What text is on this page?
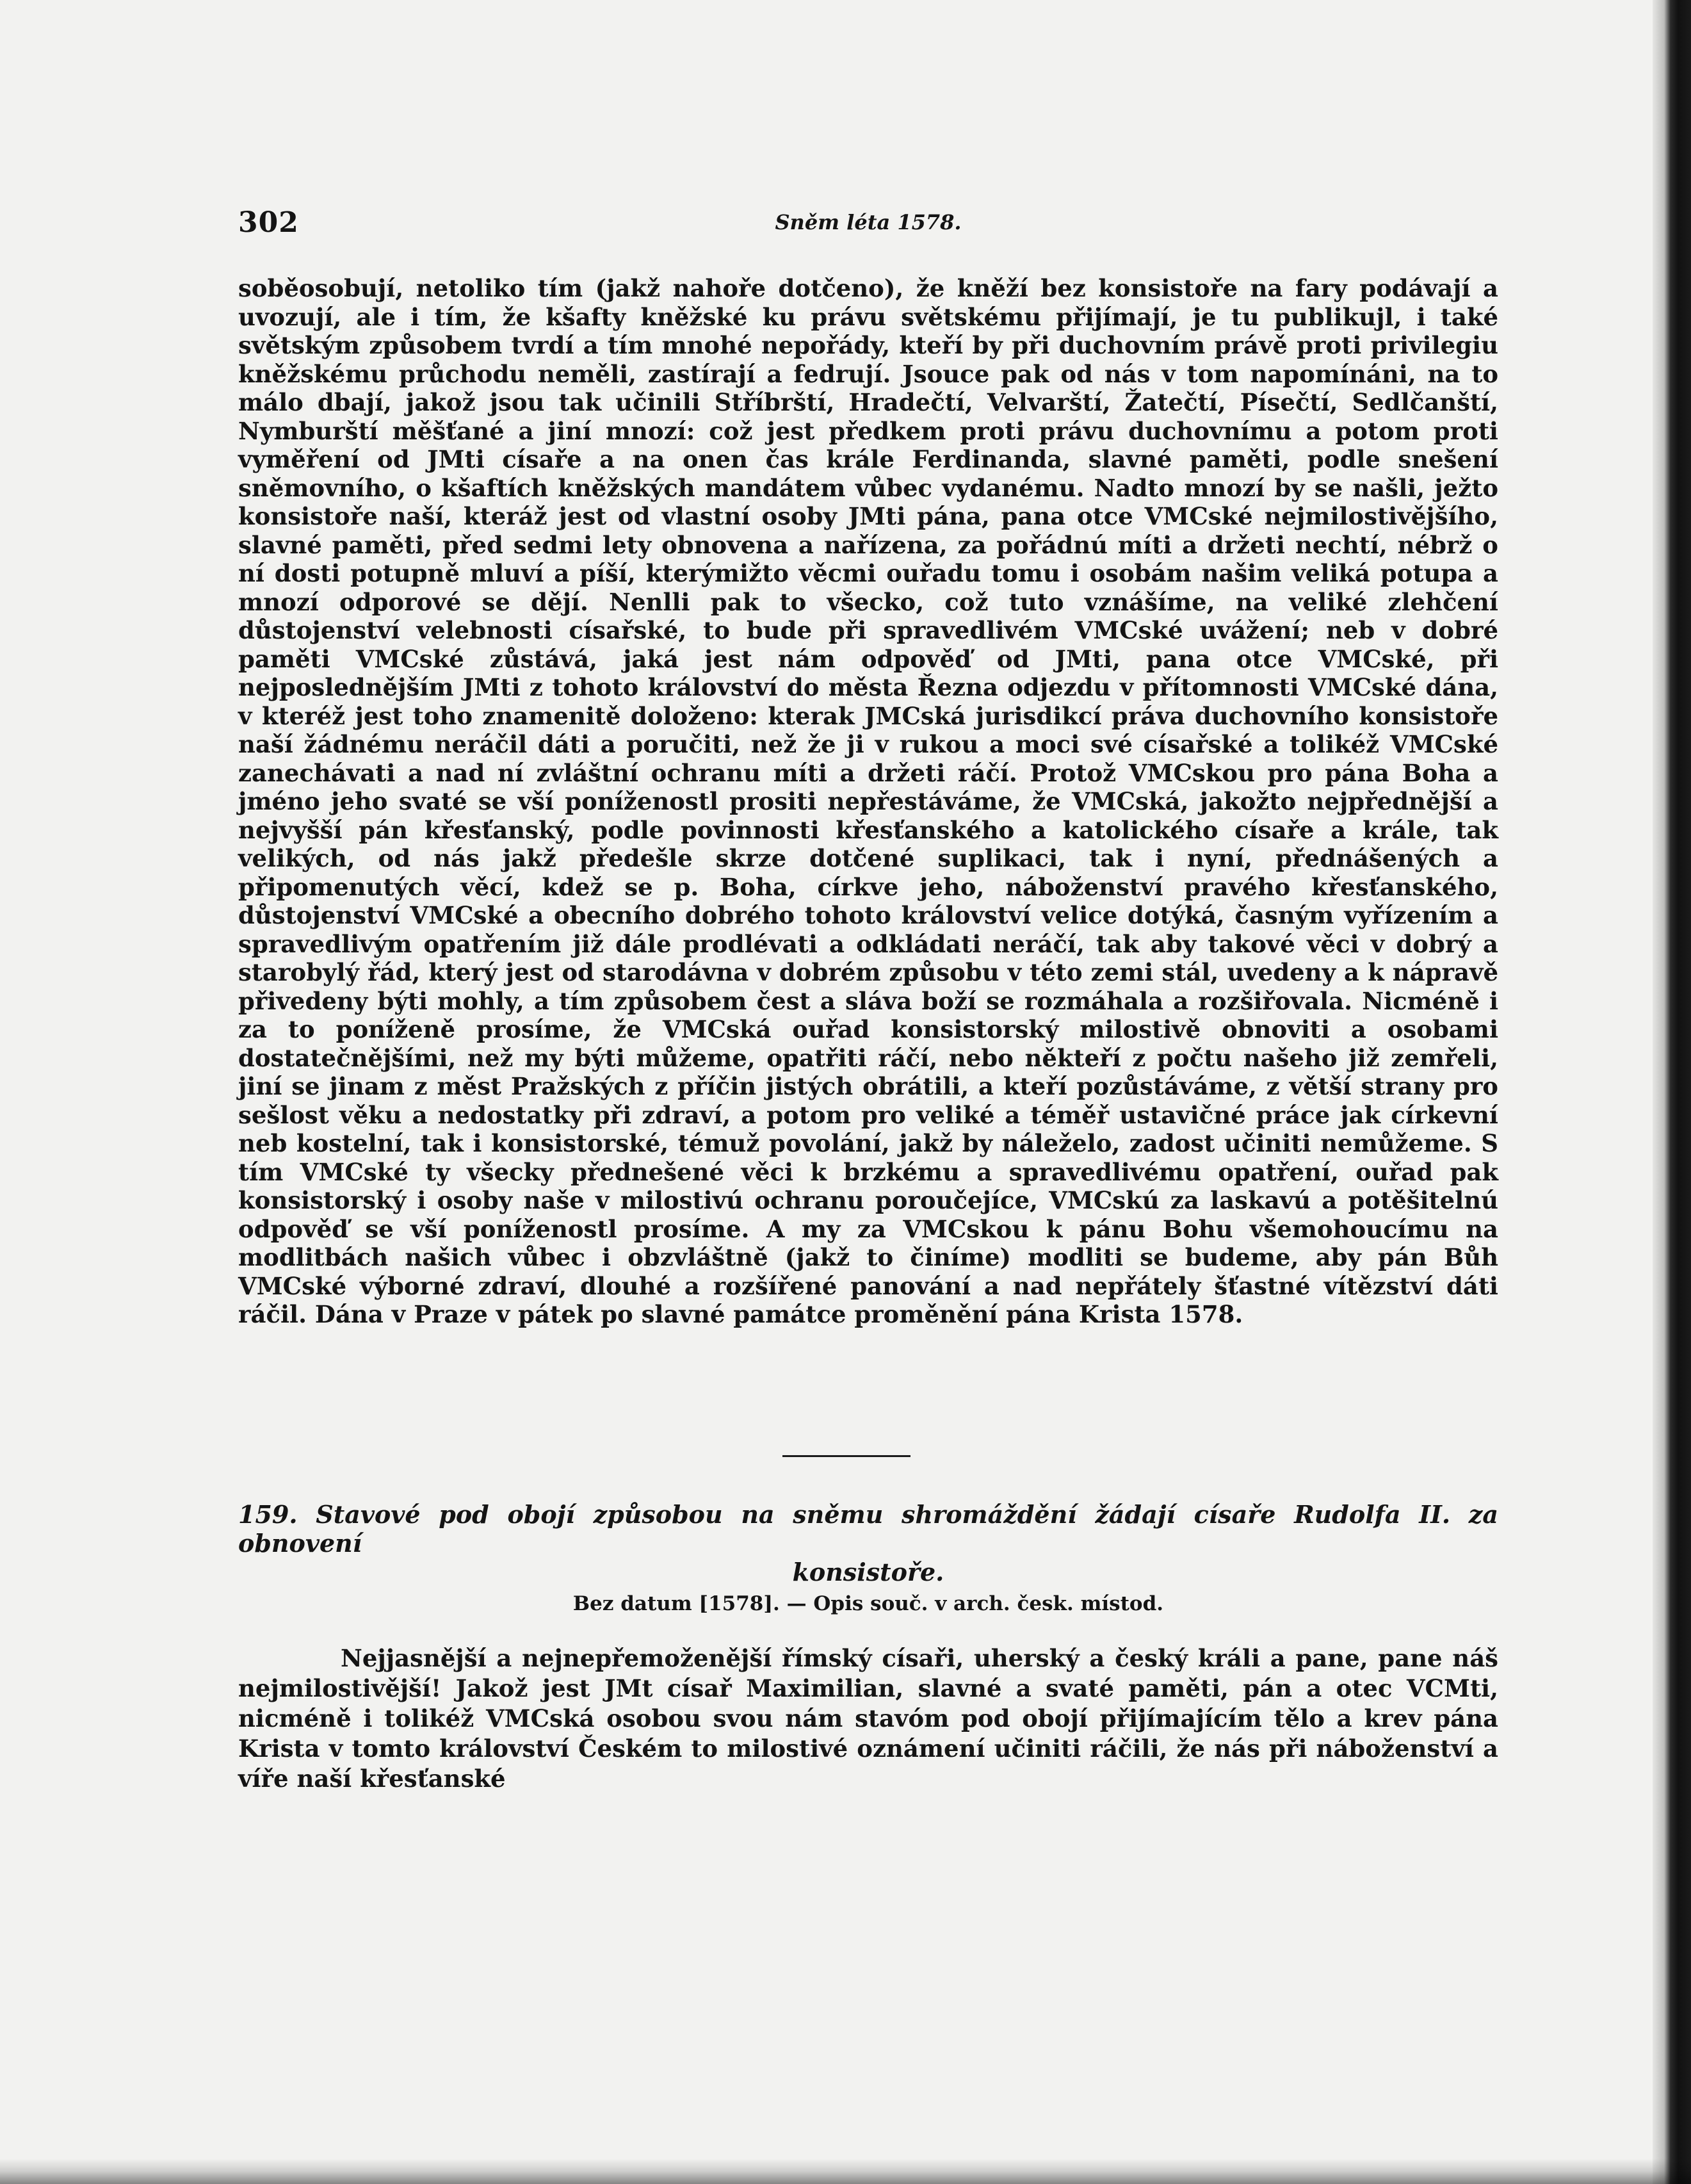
302	Sněm léta 1578.

soběosobují, netoliko tím (jakž nahoře dotčeno), že kněží bez konsistoře na fary podávají a uvozují, ale i tím, že kšafty kněžské ku právu světskému přijímají, je tu publikujl, i také světským způsobem tvrdí a tím mnohé nepořády, kteří by při duchovním právě proti privilegiu kněžskému průchodu neměli, zastírají a fedrují. Jsouce pak od nás v tom napomínáni, na to málo dbají, jakož jsou tak učinili Stříbrští, Hradečtí, Velvarští, Žatečtí, Písečtí, Sedlčanští, Nymburští měšťané a jiní mnozí: což jest předkem proti právu duchovnímu a potom proti vyměření od JMti císaře a na onen čas krále Ferdinanda, slavné paměti, podle snešení sněmovního, o kšaftích kněžských mandátem vůbec vydanému. Nadto mnozí by se našli, ježto konsistoře naší, kteráž jest od vlastní osoby JMti pána, pana otce VMCské nejmilostivějšího, slavné paměti, před sedmi lety obnovena a nařízena, za pořádnú míti a držeti nechtí, nébrž o ní dosti potupně mluví a píší, kterýmižto věcmi ouřadu tomu i osobám našim veliká potupa a mnozí odporové se dějí. Nenlli pak to všecko, což tuto vznášíme, na veliké zlehčení důstojenství velebnosti císařské, to bude při spravedlivém VMCské uvážení; neb v dobré paměti VMCské zůstává, jaká jest nám odpověď od JMti, pana otce VMCské, při nejposlednějším JMti z tohoto království do města Řezna odjezdu v přítomnosti VMCské dána, v kteréž jest toho znamenitě doloženo: kterak JMCská jurisdikcí práva duchovního konsistoře naší žádnému neráčil dáti a poručiti, než že ji v rukou a moci své císařské a tolikéž VMCské zanechávati a nad ní zvláštní ochranu míti a držeti ráčí. Protož VMCskou pro pána Boha a jméno jeho svaté se vší poníženostl prositi nepřestáváme, že VMCská, jakožto nejpřednější a nejvyšší pán křesťanský, podle povinnosti křesťanského a katolického císaře a krále, tak velikých, od nás jakž předešle skrze dotčené suplikaci, tak i nyní, přednášených a připomenutých věcí, kdež se p. Boha, církve jeho, náboženství pravého křesťanského, důstojenství VMCské a obecního dobrého tohoto království velice dotýká, časným vyřízením a spravedlivým opatřením již dále prodlévati a odkládati neráčí, tak aby takové věci v dobrý a starobylý řád, který jest od starodávna v dobrém způsobu v této zemi stál, uvedeny a k nápravě přivedeny býti mohly, a tím způsobem čest a sláva boží se rozmáhala a rozšiřovala. Nicméně i za to poníženě prosíme, že VMCská ouřad konsistorský milostivě obnoviti a osobami dostatečnějšími, než my býti můžeme, opatřiti ráčí, nebo někteří z počtu našeho již zemřeli, jiní se jinam z měst Pražských z příčin jistých obrátili, a kteří pozůstáváme, z větší strany pro sešlost věku a nedostatky při zdraví, a potom pro veliké a téměř ustavičné práce jak církevní neb kostelní, tak i konsistorské, témuž povolání, jakž by náleželo, zadost učiniti nemůžeme. S tím VMCské ty všecky přednešené věci k brzkému a spravedlivému opatření, ouřad pak konsistorský i osoby naše v milostivú ochranu poroučejíce, VMCskú za laskavú a potěšitelnú odpověď se vší poníženostl prosíme. A my za VMCskou k pánu Bohu všemohoucímu na modlitbách našich vůbec i obzvláštně (jakž to činíme) modliti se budeme, aby pán Bůh VMCské výborné zdraví, dlouhé a rozšířené panování a nad nepřátely šťastné vítězství dáti ráčil. Dána v Praze v pátek po slavné památce proměnění pána Krista 1578.

159. Stavové pod obojí způsobou na sněmu shromáždění žádají císaře Rudolfa II. za obnovení
konsistoře.
Bez datum [1578]. — Opis souč. v arch. česk. místod.

Nejjasnější a nejnepřemoženější římský císaři, uherský a český králi a pane, pane náš nejmilostivější! Jakož jest JMt císař Maximilian, slavné a svaté paměti, pán a otec VCMti, nicméně i tolikéž VMCská osobou svou nám stavóm pod obojí přijímajícím tělo a krev pána Krista v tomto království Českém to milostivé oznámení učiniti ráčili, že nás při náboženství a víře naší křesťanské
